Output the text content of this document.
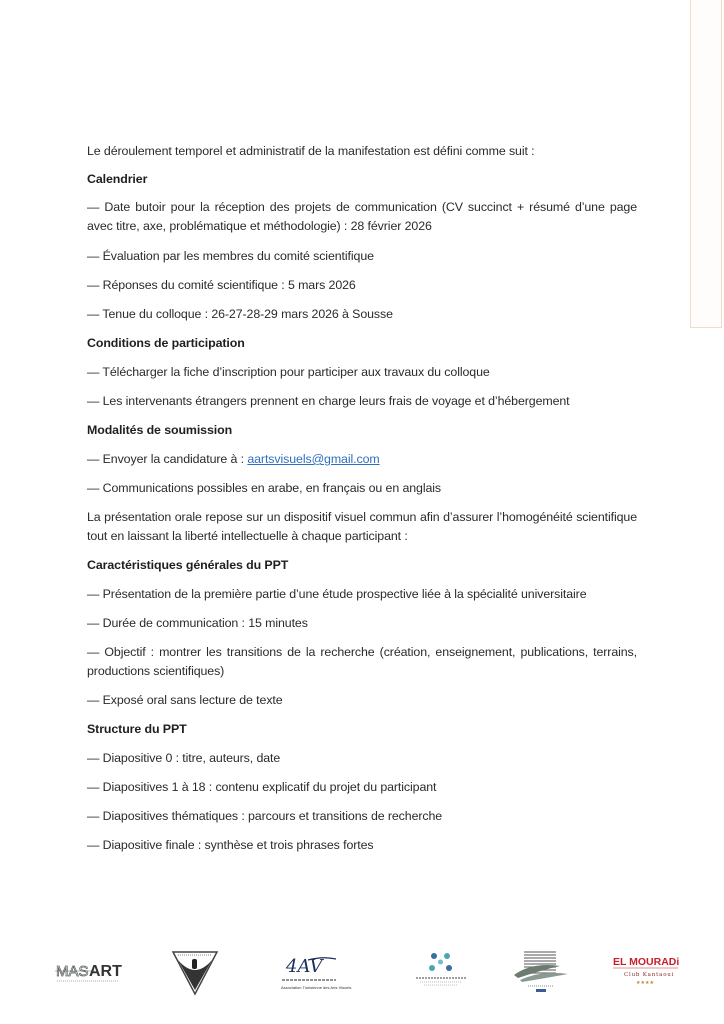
Le déroulement temporel et administratif de la manifestation est défini comme suit :
Calendrier
— Date butoir pour la réception des projets de communication (CV succinct + résumé d’une page avec titre, axe, problématique et méthodologie) : 28 février 2026
— Évaluation par les membres du comité scientifique
— Réponses du comité scientifique : 5 mars 2026
— Tenue du colloque : 26-27-28-29 mars 2026 à Sousse
Conditions de participation
— Télécharger la fiche d’inscription pour participer aux travaux du colloque
— Les intervenants étrangers prennent en charge leurs frais de voyage et d’hébergement
Modalités de soumission
— Envoyer la candidature à : aartsvisuels@gmail.com
— Communications possibles en arabe, en français ou en anglais
La présentation orale repose sur un dispositif visuel commun afin d’assurer l’homogénéité scientifique tout en laissant la liberté intellectuelle à chaque participant :
Caractéristiques générales du PPT
— Présentation de la première partie d’une étude prospective liée à la spécialité universitaire
— Durée de communication : 15 minutes
— Objectif : montrer les transitions de la recherche (création, enseignement, publications, terrains, productions scientifiques)
— Exposé oral sans lecture de texte
Structure du PPT
— Diapositive 0 : titre, auteurs, date
— Diapositives 1 à 18 : contenu explicatif du projet du participant
— Diapositives thématiques : parcours et transitions de recherche
— Diapositive finale : synthèse et trois phrases fortes
MAS ART	4AV
Association Tunisienne des Arts Visuels
EL MOURADi
Club Kantaoui
★★★★
